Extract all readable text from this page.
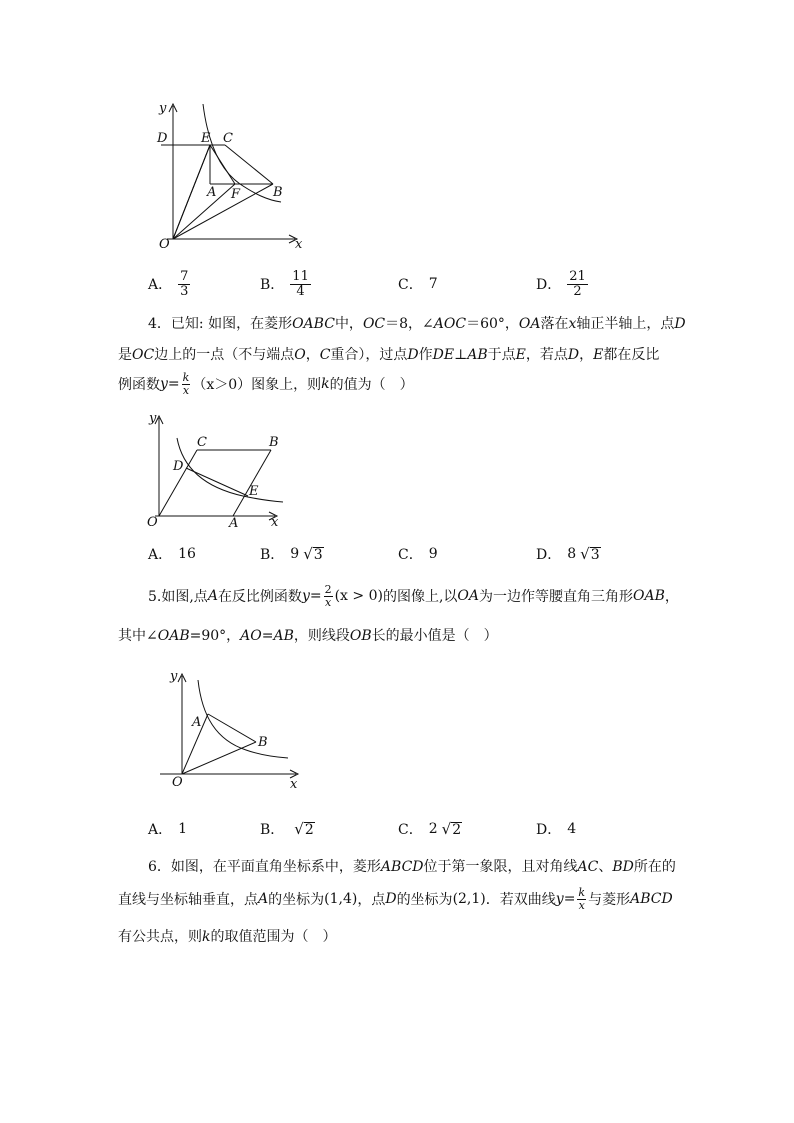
D
y
E C
A F	B
O	x
A． $\frac{7}{3}$	B． $\frac{11}{4}$	C． 7	D． $\frac{21}{2}$
4．已知: 如图，在菱形OABC中，OC＝8，∠AOC＝60°，OA落在x轴正半轴上，点D
是OC边上的一点（不与端点O，C重合），过点D作DE⊥AB于点E，若点D，E都在反比
例函数 $y = \frac{k}{x} (x>0)$图象上，则 k 的值为（　）
y
C	B
D
E
O	A	x
A． 16	B． 9 √ 3	C． 9	D． 8 √ 3
5.如图,点 A 在反比例函数 $y = \frac{2}{x} (x > 0)$ 的图像上,以 OA 为一边作等腰直角三角形 OAB ，
其中∠OAB=90°，AO=AB，则线段OB长的最小值是（　）
y
A
B
O	x
A． 1	B． √ 2	C． 2 √ 2	D． 4
6．如图，在平面直角坐标系中，菱形ABCD位于第一象限，且对角线AC、BD所在的
直线与坐标轴垂直，点 A 的坐标为 (1,4) ，点 D 的坐标为 (2,1) ．若双曲线 $y = \frac{k}{x}$ 与菱形 ABCD
有公共点，则k的取值范围为（　）
